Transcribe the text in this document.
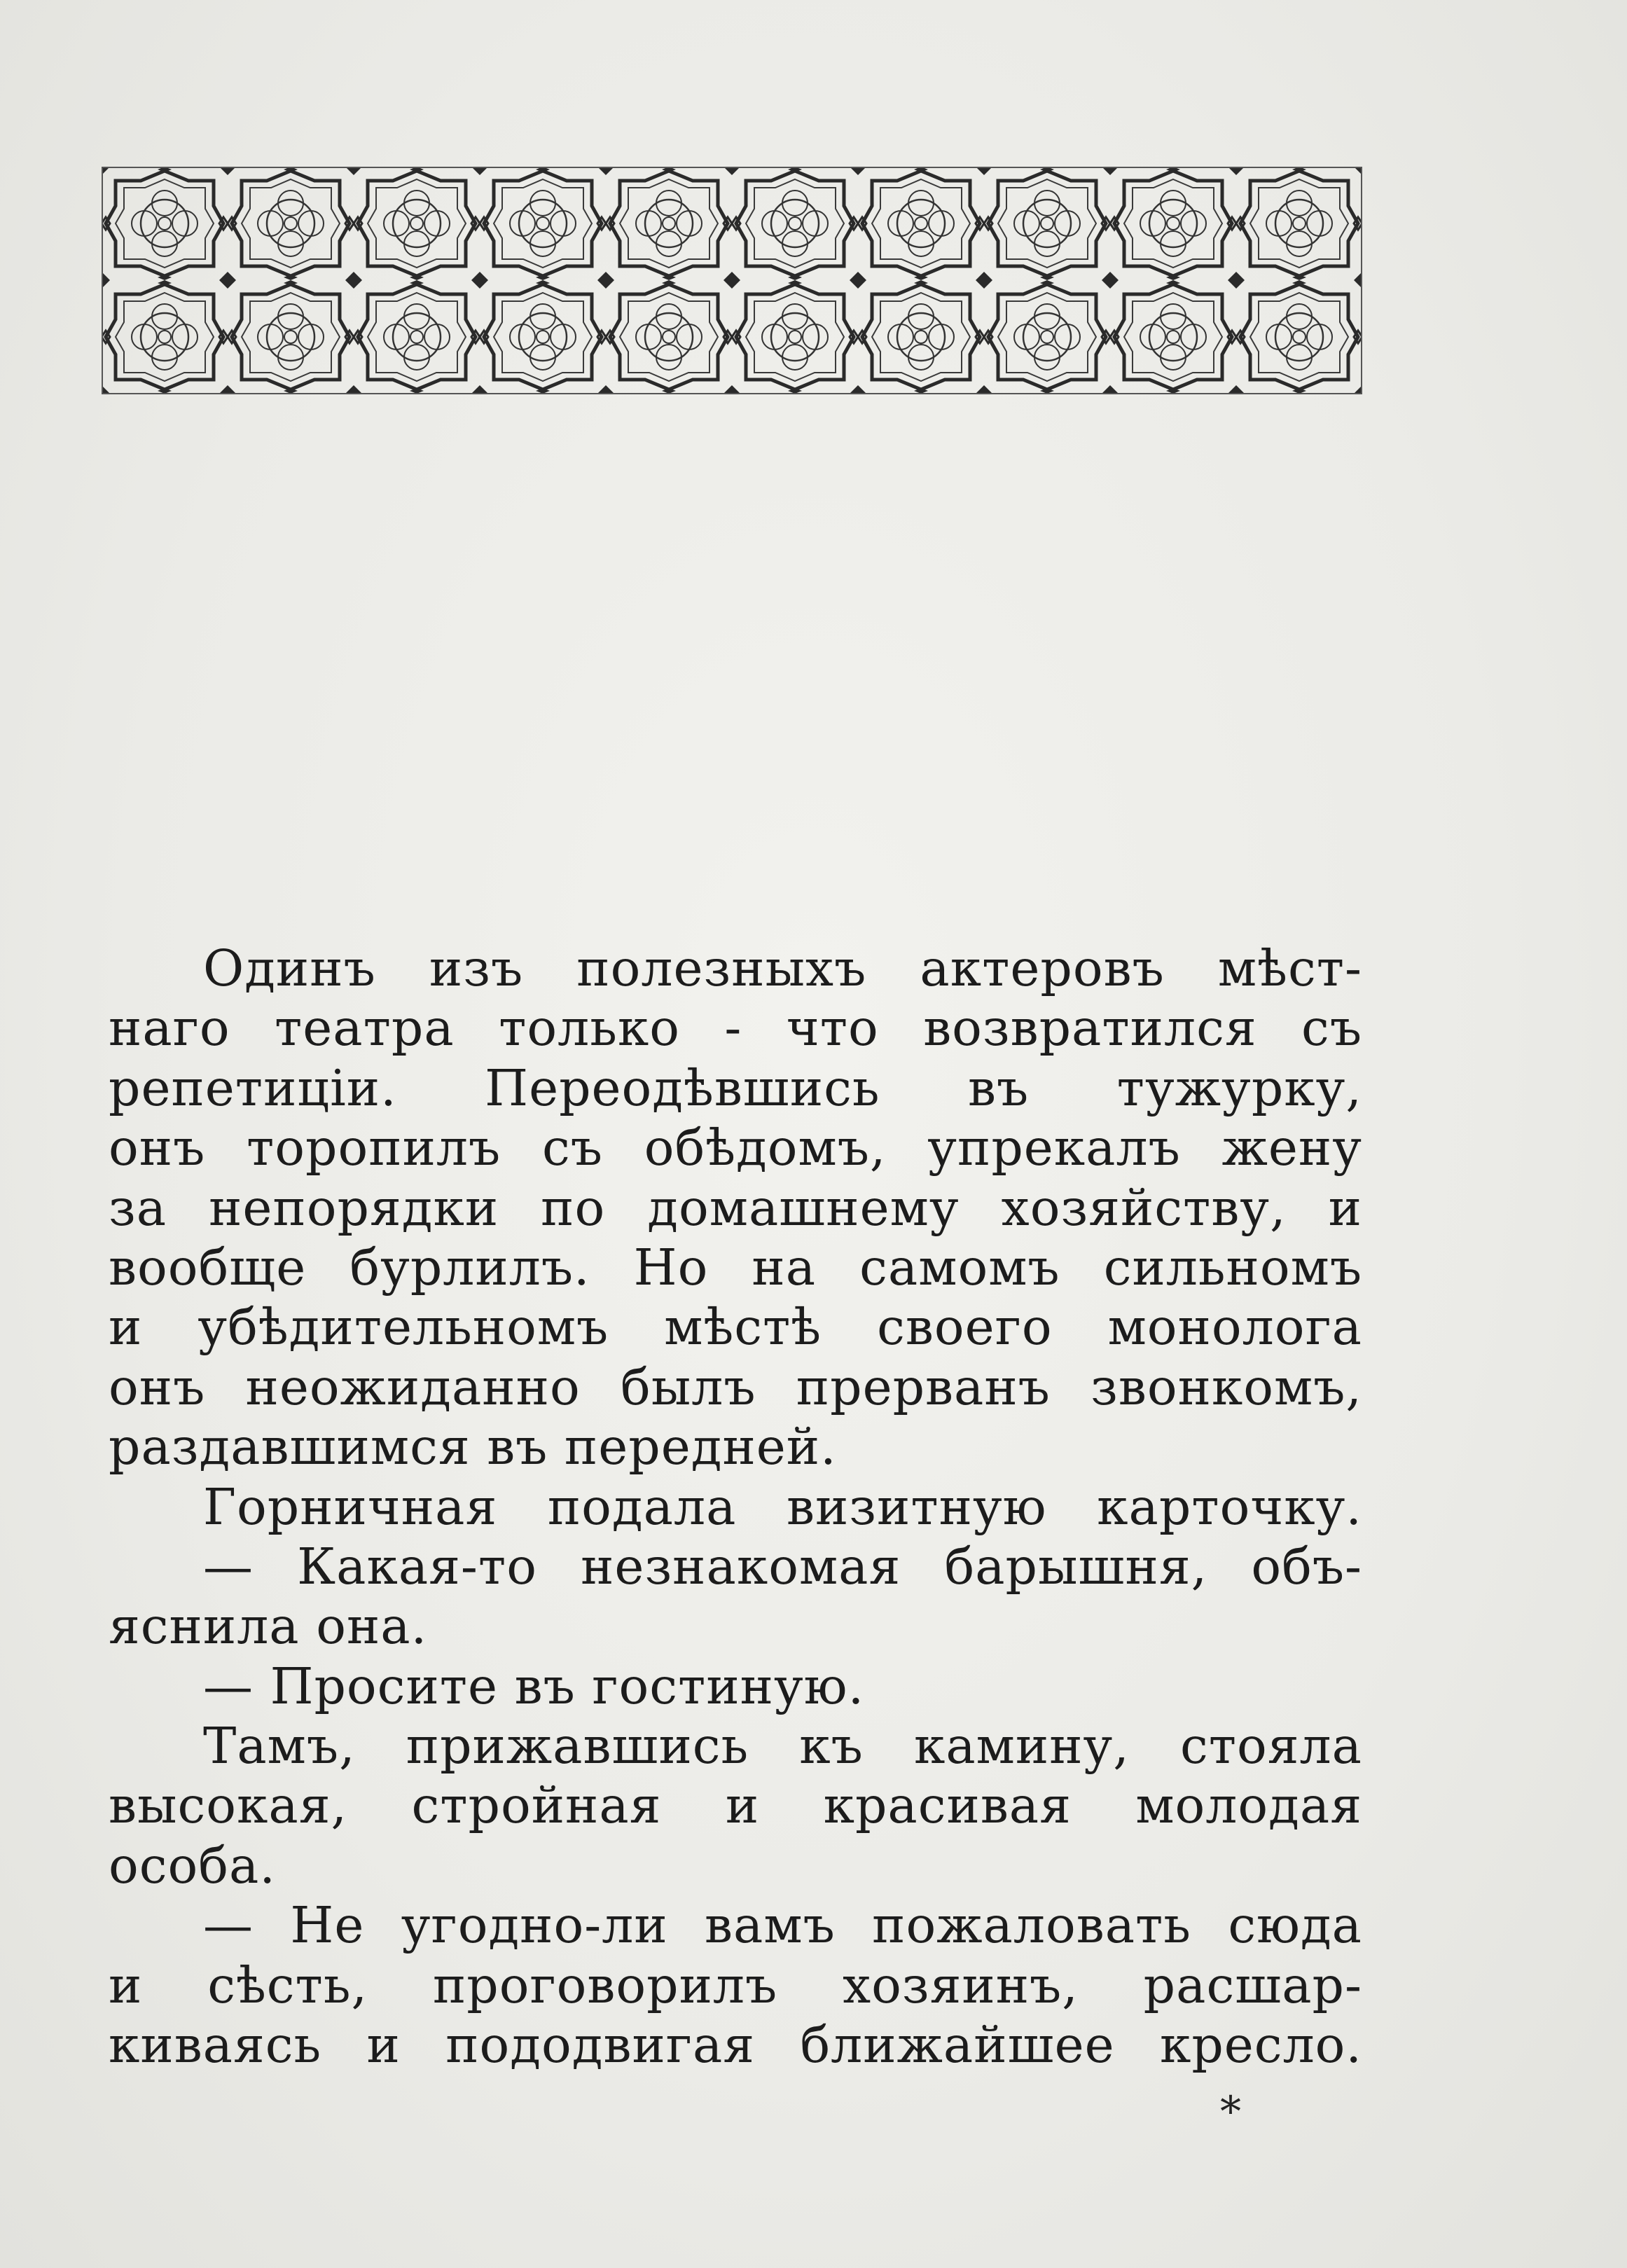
Одинъ изъ полезныхъ актеровъ мѣст-
наго театра только - что возвратился съ
репетиціи. Переодѣвшись въ тужурку,
онъ торопилъ съ обѣдомъ, упрекалъ жену
за непорядки по домашнему хозяйству, и
вообще бурлилъ. Но на самомъ сильномъ
и убѣдительномъ мѣстѣ своего монолога
онъ неожиданно былъ прерванъ звонкомъ,
раздавшимся въ передней.
Горничная подала визитную карточку.
— Какая-то незнакомая барышня, объ-
яснила она.
— Просите въ гостиную.
Тамъ, прижавшись къ камину, стояла
высокая, стройная и красивая молодая
особа.
— Не угодно-ли вамъ пожаловать сюда
и сѣсть, проговорилъ хозяинъ, расшар-
киваясь и пододвигая ближайшее кресло.
*
